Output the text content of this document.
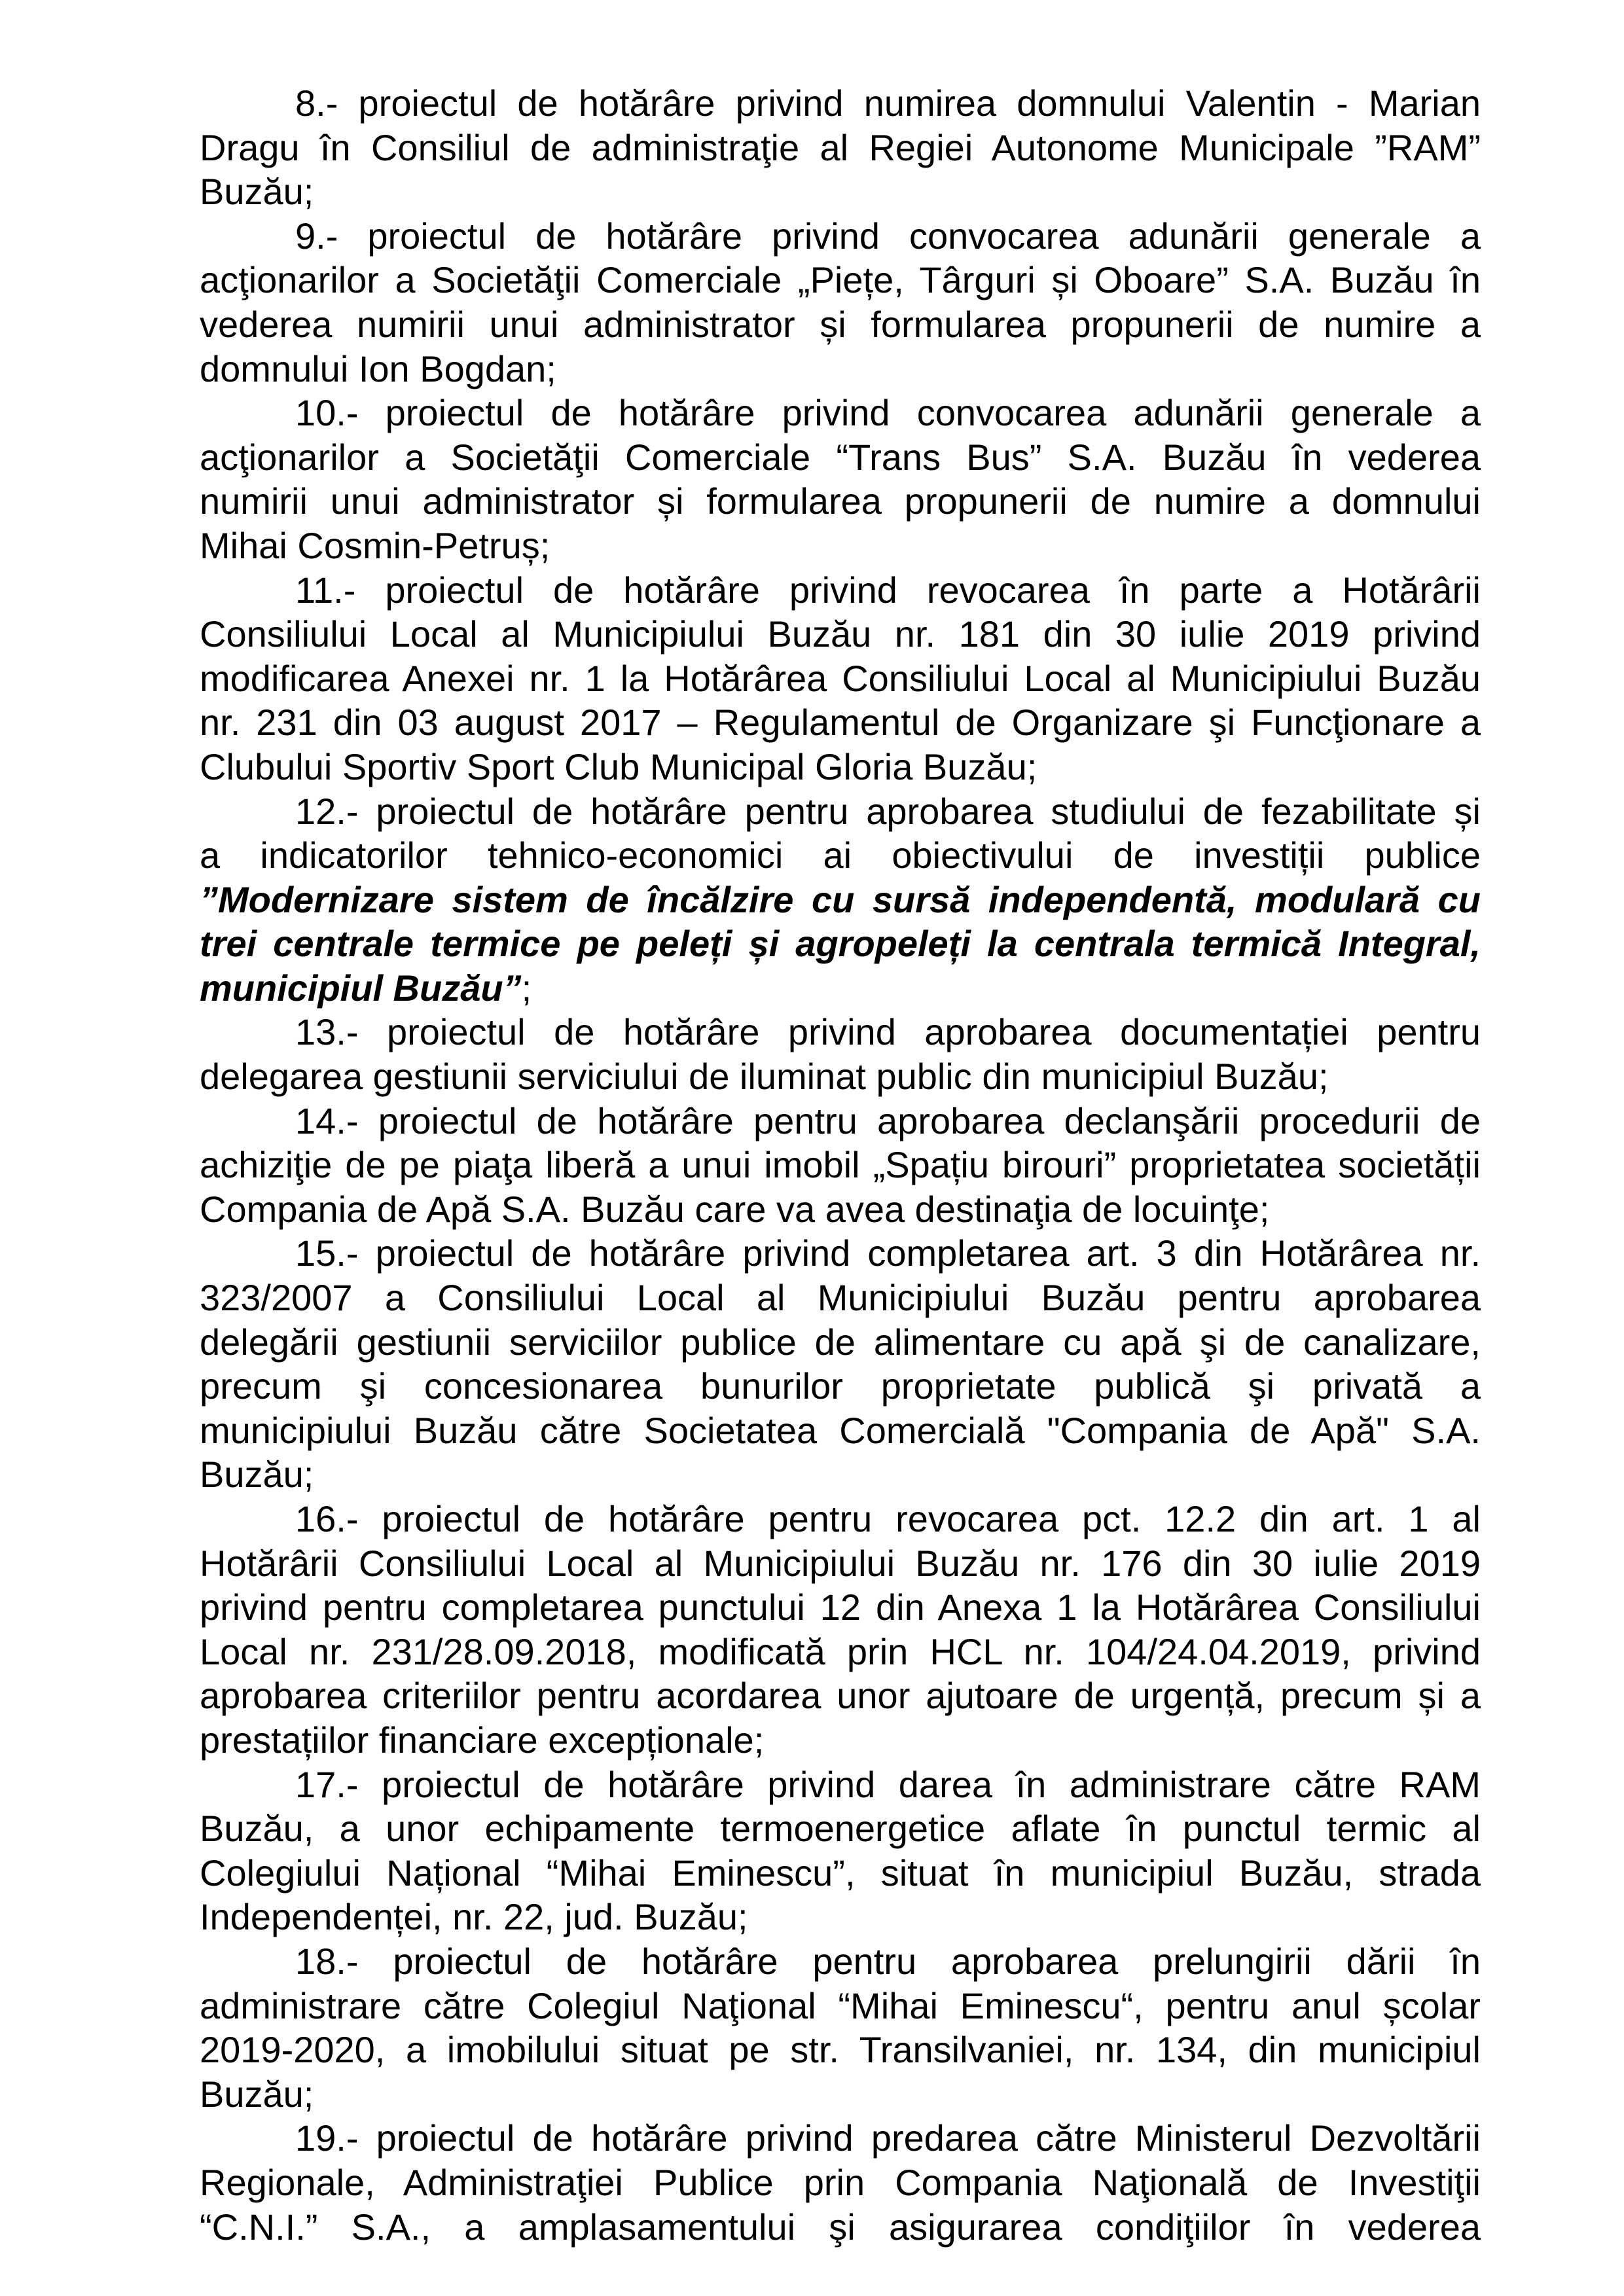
8.- proiectul de hotărâre privind numirea domnului Valentin - Marian
Dragu în Consiliul de administraţie al Regiei Autonome Municipale ”RAM”
Buzău;
9.- proiectul de hotărâre privind convocarea adunării generale a
acţionarilor a Societăţii Comerciale „Piețe, Târguri și Oboare” S.A. Buzău în
vederea numirii unui administrator și formularea propunerii de numire a
domnului Ion Bogdan;
10.- proiectul de hotărâre privind convocarea adunării generale a
acţionarilor a Societăţii Comerciale “Trans Bus” S.A. Buzău în vederea
numirii unui administrator și formularea propunerii de numire a domnului
Mihai Cosmin-Petruș;
11.- proiectul de hotărâre privind revocarea în parte a Hotărârii
Consiliului Local al Municipiului Buzău nr. 181 din 30 iulie 2019 privind
modificarea Anexei nr. 1 la Hotărârea Consiliului Local al Municipiului Buzău
nr. 231 din 03 august 2017 – Regulamentul de Organizare şi Funcţionare a
Clubului Sportiv Sport Club Municipal Gloria Buzău;
12.- proiectul de hotărâre pentru aprobarea studiului de fezabilitate și
a indicatorilor tehnico-economici ai obiectivului de investiții publice
”Modernizare sistem de încălzire cu sursă independentă, modulară cu
trei centrale termice pe peleți și agropeleți la centrala termică Integral,
municipiul Buzău”;
13.- proiectul de hotărâre privind aprobarea documentației pentru
delegarea gestiunii serviciului de iluminat public din municipiul Buzău;
14.- proiectul de hotărâre pentru aprobarea declanşării procedurii de
achiziţie de pe piaţa liberă a unui imobil „Spațiu birouri” proprietatea societății
Compania de Apă S.A. Buzău care va avea destinaţia de locuinţe;
15.- proiectul de hotărâre privind completarea art. 3 din Hotărârea nr.
323/2007 a Consiliului Local al Municipiului Buzău pentru aprobarea
delegării gestiunii serviciilor publice de alimentare cu apă şi de canalizare,
precum şi concesionarea bunurilor proprietate publică şi privată a
municipiului Buzău către Societatea Comercială "Compania de Apă" S.A.
Buzău;
16.- proiectul de hotărâre pentru revocarea pct. 12.2 din art. 1 al
Hotărârii Consiliului Local al Municipiului Buzău nr. 176 din 30 iulie 2019
privind pentru completarea punctului 12 din Anexa 1 la Hotărârea Consiliului
Local nr. 231/28.09.2018, modificată prin HCL nr. 104/24.04.2019, privind
aprobarea criteriilor pentru acordarea unor ajutoare de urgență, precum și a
prestațiilor financiare excepționale;
17.- proiectul de hotărâre privind darea în administrare către RAM
Buzău, a unor echipamente termoenergetice aflate în punctul termic al
Colegiului Național “Mihai Eminescu”, situat în municipiul Buzău, strada
Independenței, nr. 22, jud. Buzău;
18.- proiectul de hotărâre pentru aprobarea prelungirii dării în
administrare către Colegiul Naţional “Mihai Eminescu“, pentru anul școlar
2019-2020, a imobilului situat pe str. Transilvaniei, nr. 134, din municipiul
Buzău;
19.- proiectul de hotărâre privind predarea către Ministerul Dezvoltării
Regionale, Administraţiei Publice prin Compania Naţională de Investiţii
“C.N.I.” S.A., a amplasamentului şi asigurarea condiţiilor în vederea
